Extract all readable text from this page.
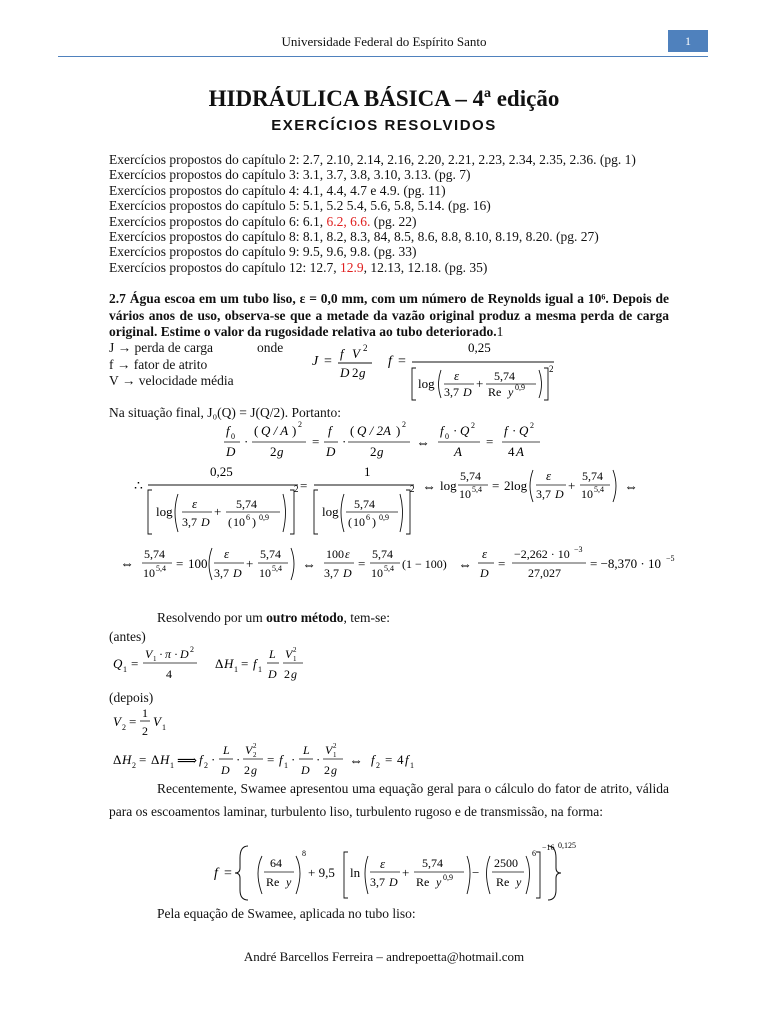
Universidade Federal do Espírito Santo	1
HIDRÁULICA BÁSICA – 4ª edição
EXERCÍCIOS RESOLVIDOS
Exercícios propostos do capítulo 2: 2.7, 2.10, 2.14, 2.16, 2.20, 2.21, 2.23, 2.34, 2.35, 2.36. (pg. 1)
Exercícios propostos do capítulo 3: 3.1, 3.7, 3.8, 3.10, 3.13. (pg. 7)
Exercícios propostos do capítulo 4: 4.1, 4.4, 4.7 e 4.9. (pg. 11)
Exercícios propostos do capítulo 5: 5.1, 5.2 5.4, 5.6, 5.8, 5.14. (pg. 16)
Exercícios propostos do capítulo 6: 6.1, 6.2, 6.6. (pg. 22)
Exercícios propostos do capítulo 8: 8.1, 8.2, 8.3, 84, 8.5, 8.6, 8.8, 8.10, 8.19, 8.20. (pg. 27)
Exercícios propostos do capítulo 9: 9.5, 9.6, 9.8. (pg. 33)
Exercícios propostos do capítulo 12: 12.7, 12.9, 12.13, 12.18. (pg. 35)
2.7 Água escoa em um tubo liso, ε = 0,0 mm, com um número de Reynolds igual a 10⁶. Depois de vários anos de uso, observa-se que a metade da vazão original produz a mesma perda de carga original. Estime o valor da rugosidade relativa ao tubo deteriorado.1
J → perda de carga
f → fator de atrito
V → velocidade média
onde
J =
f V 2
D 2 g
f =
0,25
2
log
ε
3,7 D
+ 5,74
Re y 0,9
Na situação final, J₀(Q) = J(Q/2). Portanto:
f 0
D
·
( Q / A ) 2
2 g
=
f
D
·
( Q / 2A ) 2
2 g
⇔
f 0 · Q 2
A
=
f · Q 2
4 A
∴
0,25
2
log
ε
3,7 D
+ 5,74
( 10 6 ) 0,9
=
1
2
log 5,74
( 10 6 ) 0,9
⇔ log
5,74
10 5,4 = 2log
ε
3,7 D
+
5,74
10 5,4 ⇔
⇔
5,74
10 5,4 = 100
ε
3,7 D
+
5,74
10 5,4 ⇔
100 ε
3,7 D
=
5,74
10 5,4 (1 − 100) ⇔
ε
D
=
−2,262 · 10 −3
27,027
= −8,370 · 10 −5
Resolvendo por um outro método, tem-se:
(antes)
Q 1 =
V 1 · π · D 2
4
Δ H 1 = f 1
L
D
V 1
2
2 g
(depois)
V 2 =
1
2
V 1
Δ H 2 = Δ H 1 ⟹ f 2 ·
L
D
·
V 2
2
2 g
= f 1 ·
L
D
·
V 1
2
2 g
⇔ f 2 = 4 f 1
Recentemente, Swamee apresentou uma equação geral para o cálculo do fator de atrito, válida para os escoamentos laminar, turbulento liso, turbulento rugoso e de transmissão, na forma:
f =
64
Re y
8
+ 9,5 ln
ε
3,7 D
+
5,74
Re y 0,9 −
2500
Re y
6
−16 0,125
Pela equação de Swamee, aplicada no tubo liso:
André Barcellos Ferreira – andrepoetta@hotmail.com
